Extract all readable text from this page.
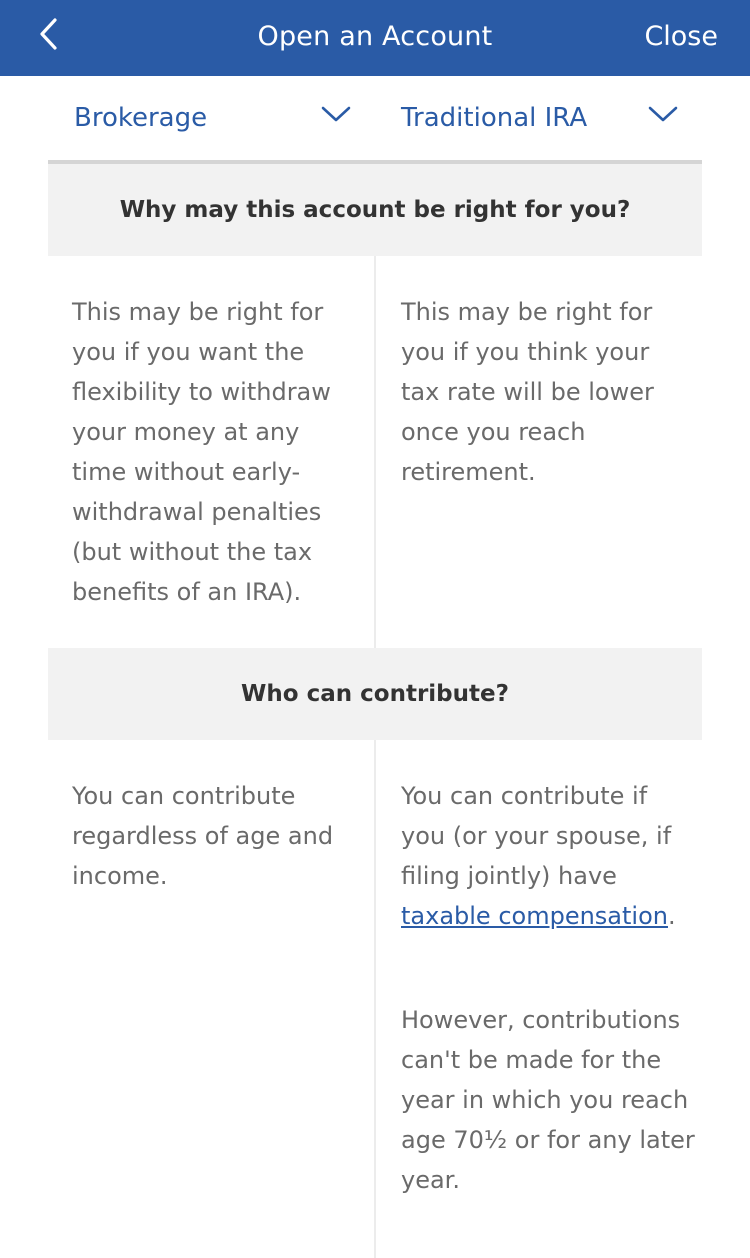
Open an Account	Close
Brokerage	Traditional IRA
Why may this account be right for you?
This may be right for you if you want the flexibility to withdraw your money at any time without early-withdrawal penalties (but without the tax benefits of an IRA).
This may be right for you if you think your tax rate will be lower once you reach retirement.
Who can contribute?
You can contribute regardless of age and income.
You can contribute if you (or your spouse, if filing jointly) have taxable compensation.
However, contributions can't be made for the year in which you reach age 70½ or for any later year.
